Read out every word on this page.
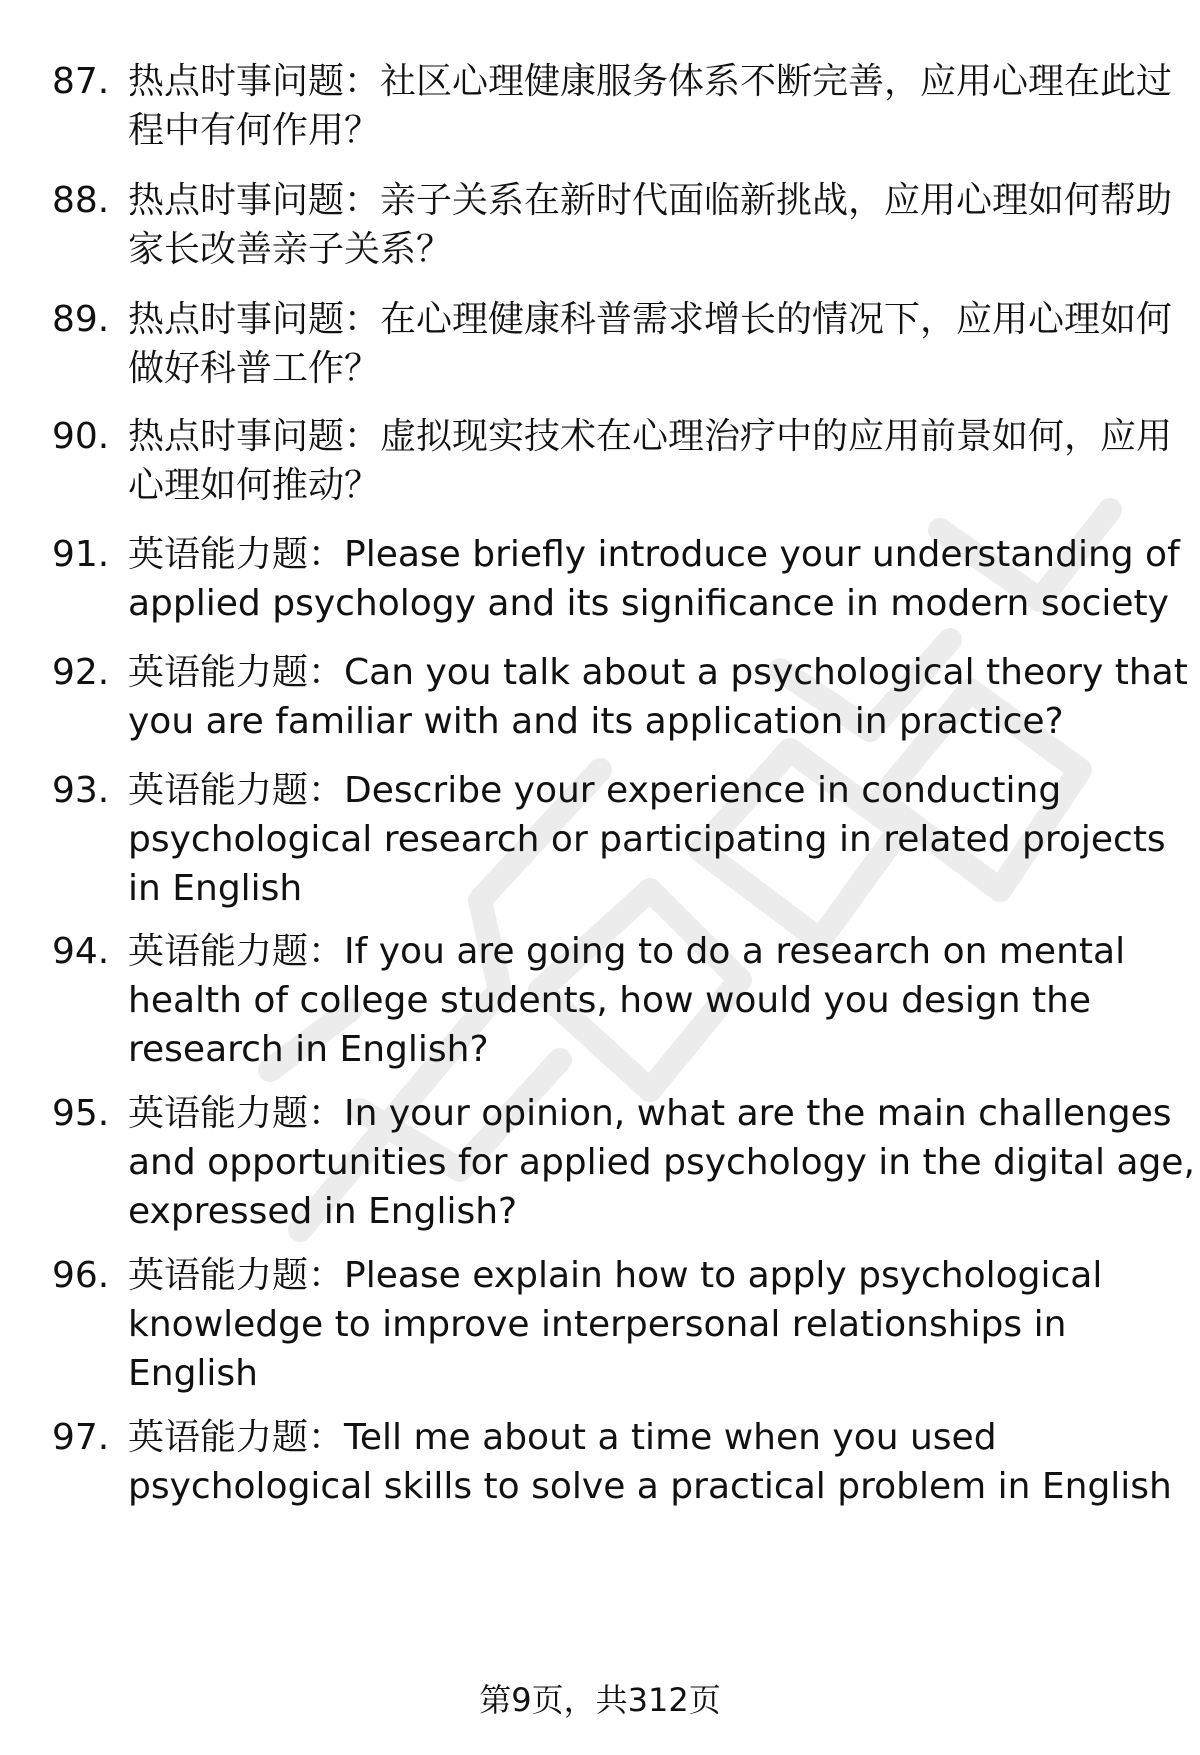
87. 热点时事问题：社区心理健康服务体系不断完善，应用心理在此过程中有何作用？
88. 热点时事问题：亲子关系在新时代面临新挑战，应用心理如何帮助家长改善亲子关系？
89. 热点时事问题：在心理健康科普需求增长的情况下，应用心理如何做好科普工作？
90. 热点时事问题：虚拟现实技术在心理治疗中的应用前景如何，应用心理如何推动？
91. 英语能力题：Please briefly introduce your understanding of applied psychology and its significance in modern society
92. 英语能力题：Can you talk about a psychological theory that you are familiar with and its application in practice?
93. 英语能力题：Describe your experience in conducting psychological research or participating in related projects in English
94. 英语能力题：If you are going to do a research on mental health of college students, how would you design the research in English?
95. 英语能力题：In your opinion, what are the main challenges and opportunities for applied psychology in the digital age, expressed in English?
96. 英语能力题：Please explain how to apply psychological knowledge to improve interpersonal relationships in English
97. 英语能力题：Tell me about a time when you used psychological skills to solve a practical problem in English
第9页，共312页
